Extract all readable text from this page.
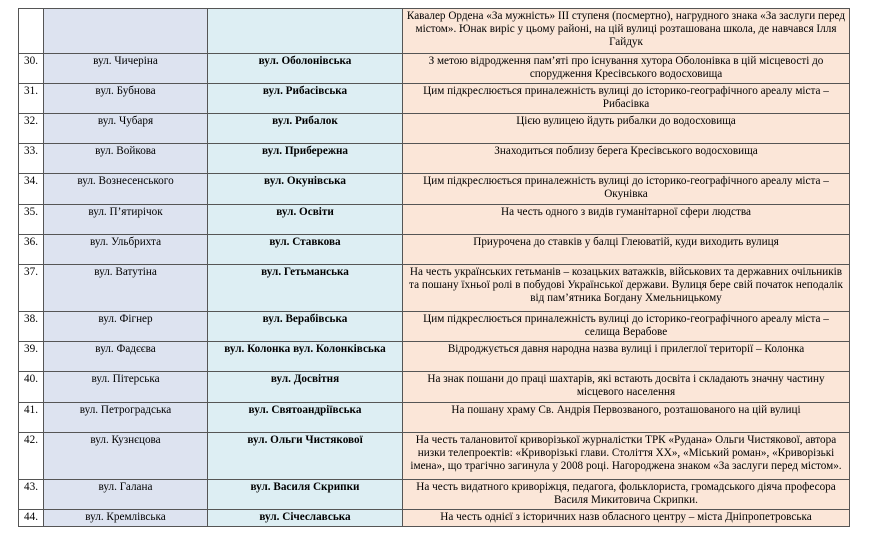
			Кавалер Ордена «За мужність» ІІІ ступеня (посмертно), нагрудного знака «За заслуги перед містом». Юнак виріс у цьому районі, на цій вулиці розташована школа, де навчався Ілля Гайдук
30.	вул. Чичеріна	вул. Оболонівська	З метою відродження пам’яті про існування хутора Оболонівка в цій місцевості до спорудження Кресівського водосховища
31.	вул. Бубнова	вул. Рибасівська	Цим підкреслюється приналежність вулиці до історико-географічного ареалу міста – Рибасівка
32.	вул. Чубаря	вул. Рибалок	Цією вулицею йдуть рибалки до водосховища
33.	вул. Войкова	вул. Прибережна	Знаходиться поблизу берега Кресівського водосховища
34.	вул. Вознесенського	вул. Окунівська	Цим підкреслюється приналежність вулиці до історико-географічного ареалу міста – Окунівка
35.	вул. П’ятирічок	вул. Освіти	На честь одного з видів гуманітарної сфери людства
36.	вул. Ульбрихта	вул. Ставкова	Приурочена до ставків у балці Глеюватій, куди виходить вулиця
37.	вул. Ватутіна	вул. Гетьманська	На честь українських гетьманів – козацьких ватажків, військових та державних очільників та пошану їхньої ролі в побудові Української держави. Вулиця бере свій початок неподалік від пам’ятника Богдану Хмельницькому
38.	вул. Фігнер	вул. Верабівська	Цим підкреслюється приналежність вулиці до історико-географічного ареалу міста – селища Верабове
39.	вул. Фадєєва	вул. Колонка вул. Колонківська	Відроджується давня народна назва вулиці і прилеглої території – Колонка
40.	вул. Пітерська	вул. Досвітня	На знак пошани до праці шахтарів, які встають досвіта і складають значну частину місцевого населення
41.	вул. Петроградська	вул. Святоандріївська	На пошану храму Св. Андрія Первозваного, розташованого на цій вулиці
42.	вул. Кузнєцова	вул. Ольги Чистякової	На честь талановитої криворізької журналістки ТРК «Рудана» Ольги Чистякової, автора низки телепроектів: «Криворізькі глави. Століття ХХ», «Міський роман», «Криворізькі імена», що трагічно загинула у 2008 році. Нагороджена знаком «За заслуги перед містом».
43.	вул. Галана	вул. Василя Скрипки	На честь видатного криворіжця, педагога, фольклориста, громадського діяча професора Василя Микитовича Скрипки.
44.	вул. Кремлівська	вул. Січеславська	На честь однієї з історичних назв обласного центру – міста Дніпропетровська
